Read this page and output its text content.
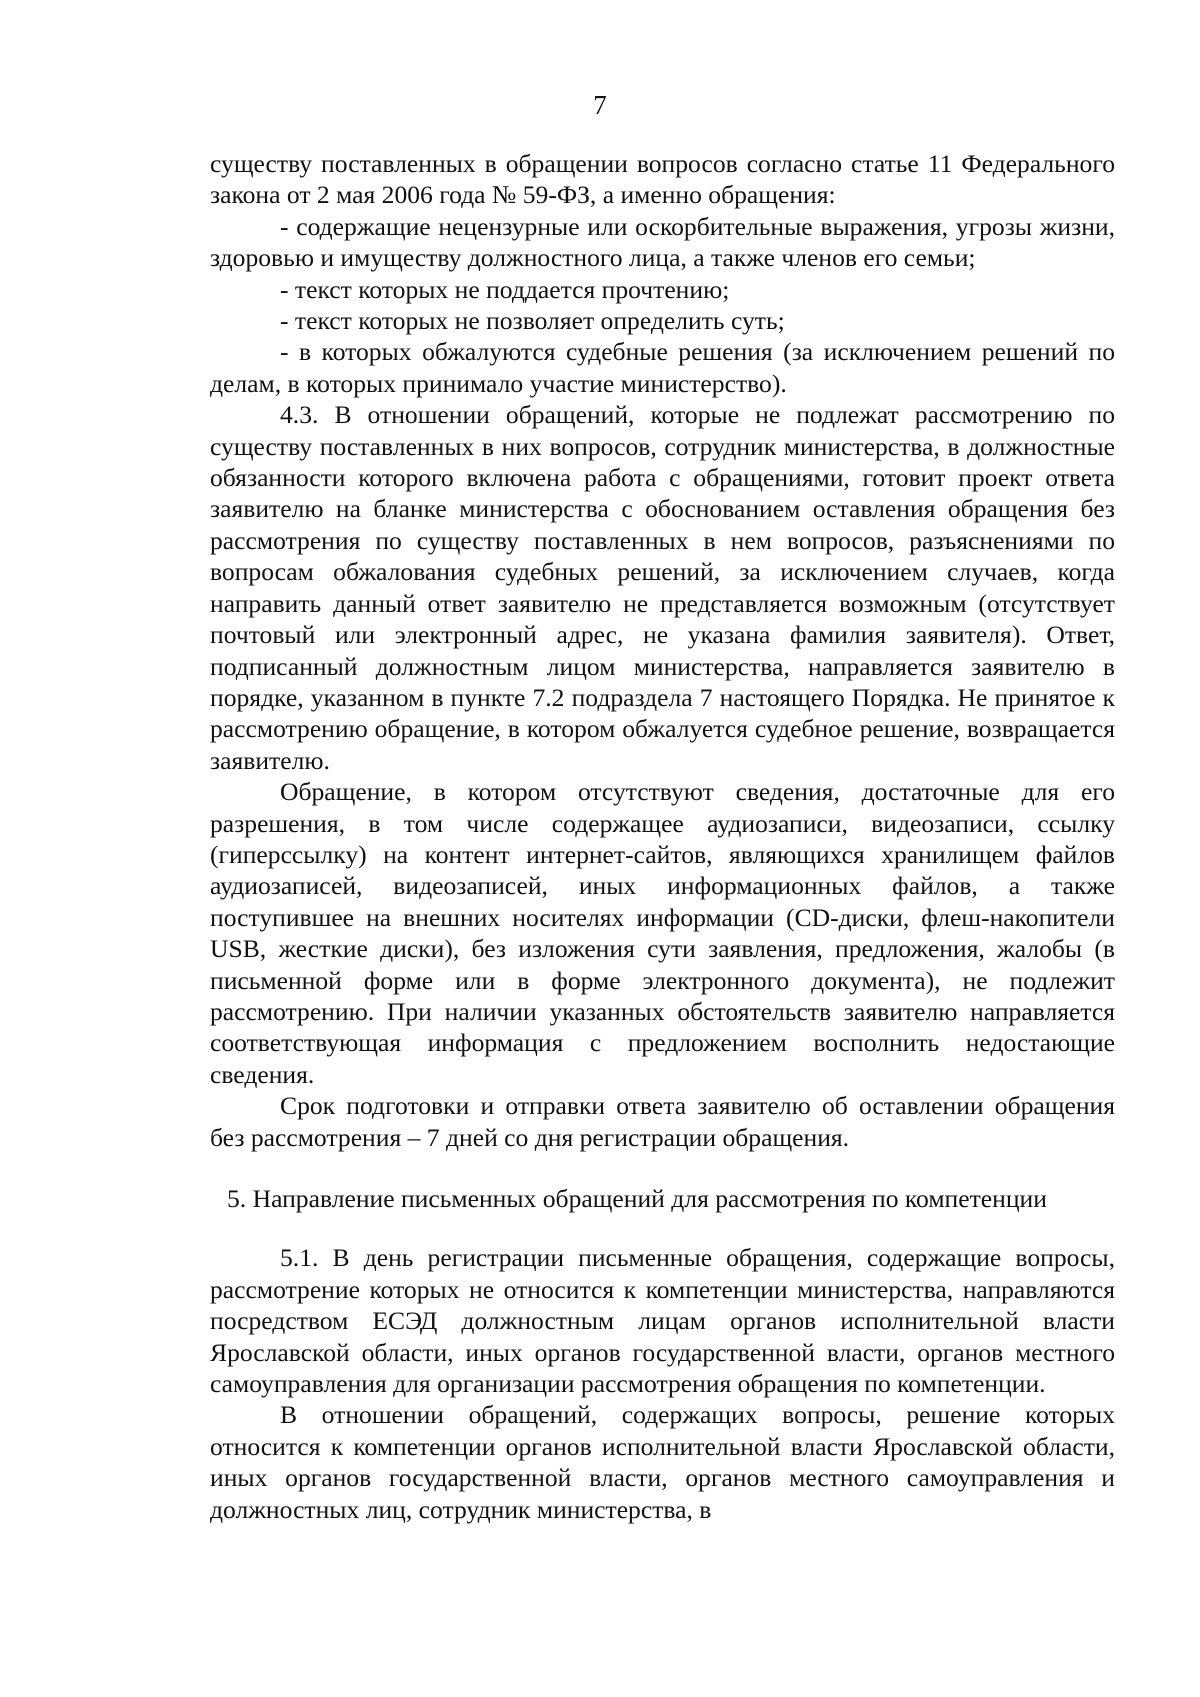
7

существу поставленных в обращении вопросов согласно статье 11 Федерального закона от 2 мая 2006 года № 59-ФЗ, а именно обращения:

- содержащие нецензурные или оскорбительные выражения, угрозы жизни, здоровью и имуществу должностного лица, а также членов его семьи;

- текст которых не поддается прочтению;

- текст которых не позволяет определить суть;

- в которых обжалуются судебные решения (за исключением решений по делам, в которых принимало участие министерство).

4.3. В отношении обращений, которые не подлежат рассмотрению по существу поставленных в них вопросов, сотрудник министерства, в должностные обязанности которого включена работа с обращениями, готовит проект ответа заявителю на бланке министерства с обоснованием оставления обращения без рассмотрения по существу поставленных в нем вопросов, разъяснениями по вопросам обжалования судебных решений, за исключением случаев, когда направить данный ответ заявителю не представляется возможным (отсутствует почтовый или электронный адрес, не указана фамилия заявителя). Ответ, подписанный должностным лицом министерства, направляется заявителю в порядке, указанном в пункте 7.2 подраздела 7 настоящего Порядка. Не принятое к рассмотрению обращение, в котором обжалуется судебное решение, возвращается заявителю.

Обращение, в котором отсутствуют сведения, достаточные для его разрешения, в том числе содержащее аудиозаписи, видеозаписи, ссылку (гиперссылку) на контент интернет-сайтов, являющихся хранилищем файлов аудиозаписей, видеозаписей, иных информационных файлов, а также поступившее на внешних носителях информации (CD-диски, флеш-накопители USB, жесткие диски), без изложения сути заявления, предложения, жалобы (в письменной форме или в форме электронного документа), не подлежит рассмотрению. При наличии указанных обстоятельств заявителю направляется соответствующая информация с предложением восполнить недостающие сведения.

Срок подготовки и отправки ответа заявителю об оставлении обращения без рассмотрения – 7 дней со дня регистрации обращения.

5. Направление письменных обращений для рассмотрения по компетенции

5.1. В день регистрации письменные обращения, содержащие вопросы, рассмотрение которых не относится к компетенции министерства, направляются посредством ЕСЭД должностным лицам органов исполнительной власти Ярославской области, иных органов государственной власти, органов местного самоуправления для организации рассмотрения обращения по компетенции.

В отношении обращений, содержащих вопросы, решение которых относится к компетенции органов исполнительной власти Ярославской области, иных органов государственной власти, органов местного самоуправления и должностных лиц, сотрудник министерства, в
